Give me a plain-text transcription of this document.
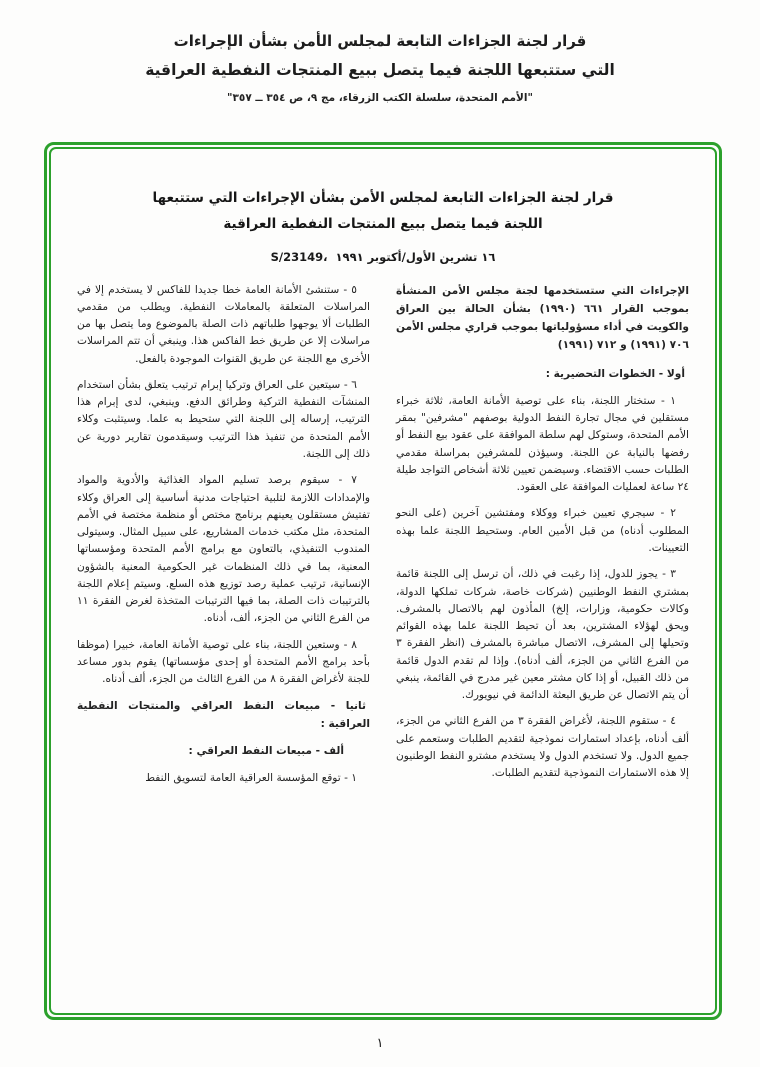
قرار لجنة الجزاءات التابعة لمجلس الأمن بشأن الإجراءات
التي ستتبعها اللجنة فيما يتصل ببيع المنتجات النفطية العراقية
"الأمم المتحدة، سلسلة الكتب الزرقاء، مج ٩، ص ٣٥٤ ــ ٣٥٧"
قرار لجنة الجزاءات التابعة لمجلس الأمن بشأن الإجراءات التي ستتبعها
اللجنة فيما يتصل ببيع المنتجات النفطية العراقية
S/23149، ١٦ تشرين الأول/أكتوبر ١٩٩١

الإجراءات التي ستستخدمها لجنة مجلس الأمن المنشأة بموجب القرار ٦٦١ (١٩٩٠) بشأن الحالة بين العراق والكويت في أداء مسؤولياتها بموجب قراري مجلس الأمن ٧٠٦ (١٩٩١) و ٧١٢ (١٩٩١)

أولا - الخطوات التحضيرية :

١ - ستختار اللجنة، بناء على توصية الأمانة العامة، ثلاثة خبراء مستقلين في مجال تجارة النفط الدولية بوصفهم "مشرفين" بمقر الأمم المتحدة، وستوكل لهم سلطة الموافقة على عقود بيع النفط أو رفضها بالنيابة عن اللجنة. وسيؤذن للمشرفين بمراسلة مقدمي الطلبات حسب الاقتضاء. وسيضمن تعيين ثلاثة أشخاص التواجد طيلة ٢٤ ساعة لعمليات الموافقة على العقود.

٢ - سيجري تعيين خبراء ووكلاء ومفتشين آخرين (على النحو المطلوب أدناه) من قبل الأمين العام. وستحيط اللجنة علما بهذه التعيينات.

٣ - يجوز للدول، إذا رغبت في ذلك، أن ترسل إلى اللجنة قائمة بمشتري النفط الوطنيين (شركات خاصة، شركات تملكها الدولة، وكالات حكومية، وزارات، إلخ) المأذون لهم بالاتصال بالمشرف. ويحق لهؤلاء المشترين، بعد أن تحيط اللجنة علما بهذه القوائم وتحيلها إلى المشرف، الاتصال مباشرة بالمشرف (انظر الفقرة ٣ من الفرع الثاني من الجزء، ألف أدناه). وإذا لم تقدم الدول قائمة من ذلك القبيل، أو إذا كان مشتر معين غير مدرج في القائمة، ينبغي أن يتم الاتصال عن طريق البعثة الدائمة في نيويورك.

٤ - ستقوم اللجنة، لأغراض الفقرة ٣ من الفرع الثاني من الجزء، ألف أدناه، بإعداد استمارات نموذجية لتقديم الطلبات وستعمم على جميع الدول. ولا تستخدم الدول ولا يستخدم مشترو النفط الوطنيون إلا هذه الاستمارات النموذجية لتقديم الطلبات.

٥ - ستنشئ الأمانة العامة خطا جديدا للفاكس لا يستخدم إلا في المراسلات المتعلقة بالمعاملات النفطية. ويطلب من مقدمي الطلبات ألا يوجهوا طلباتهم ذات الصلة بالموضوع وما يتصل بها من مراسلات إلا عن طريق خط الفاكس هذا. وينبغي أن تتم المراسلات الأخرى مع اللجنة عن طريق القنوات الموجودة بالفعل.

٦ - سيتعين على العراق وتركيا إبرام ترتيب يتعلق بشأن استخدام المنشآت النفطية التركية وطرائق الدفع. وينبغي، لدى إبرام هذا الترتيب، إرساله إلى اللجنة التي ستحيط به علما. وسيتثبت وكلاء الأمم المتحدة من تنفيذ هذا الترتيب وسيقدمون تقارير دورية عن ذلك إلى اللجنة.

٧ - سيقوم برصد تسليم المواد الغذائية والأدوية والمواد والإمدادات اللازمة لتلبية احتياجات مدنية أساسية إلى العراق وكلاء تفتيش مستقلون يعينهم برنامج مختص أو منظمة مختصة في الأمم المتحدة، مثل مكتب خدمات المشاريع، على سبيل المثال. وسيتولى المندوب التنفيذي، بالتعاون مع برامج الأمم المتحدة ومؤسساتها المعنية، بما في ذلك المنظمات غير الحكومية المعنية بالشؤون الإنسانية، ترتيب عملية رصد توزيع هذه السلع. وسيتم إعلام اللجنة بالترتيبات ذات الصلة، بما فيها الترتيبات المتخذة لغرض الفقرة ١١ من الفرع الثاني من الجزء، ألف، أدناه.

٨ - وستعين اللجنة، بناء على توصية الأمانة العامة، خبيرا (موظفا بأحد برامج الأمم المتحدة أو إحدى مؤسساتها) يقوم بدور مساعد للجنة لأغراض الفقرة ٨ من الفرع الثالث من الجزء، ألف أدناه.

ثانيا - مبيعات النفط العراقي والمنتجات النفطية العراقية :

ألف - مبيعات النفط العراقي :

١ - توقع المؤسسة العراقية العامة لتسويق النفط

١
